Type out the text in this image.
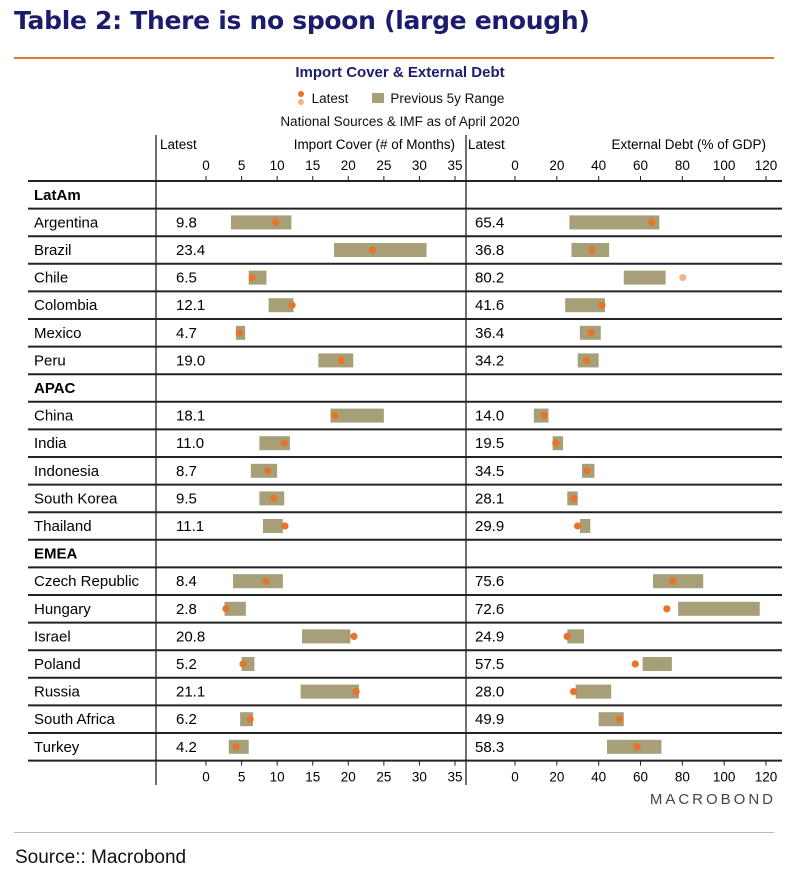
Table 2: There is no spoon (large enough)
Import Cover & External Debt
Latest	Previous 5y Range
National Sources & IMF as of April 2020
Latest	Latest
Import Cover (# of Months)	External Debt (% of GDP)
0
0
5
5
10
10
15
15
20
20
25
25
30
30
35
35
0
0
20
20
40
40
60
60
80
80
100
100
120
120
LatAm
Argentina	9.8	65.4
Brazil	23.4	36.8
Chile	6.5	80.2
Colombia	12.1	41.6
Mexico	4.7	36.4
Peru	19.0	34.2
APAC
China	18.1	14.0
India	11.0	19.5
Indonesia	8.7	34.5
South Korea	9.5	28.1
Thailand	11.1	29.9
EMEA
Czech Republic 8.4	75.6
Hungary	2.8	72.6
Israel	20.8	24.9
Poland	5.2	57.5
Russia	21.1	28.0
South Africa	6.2	49.9
Turkey	4.2	58.3
MACROBOND
Source:: Macrobond
